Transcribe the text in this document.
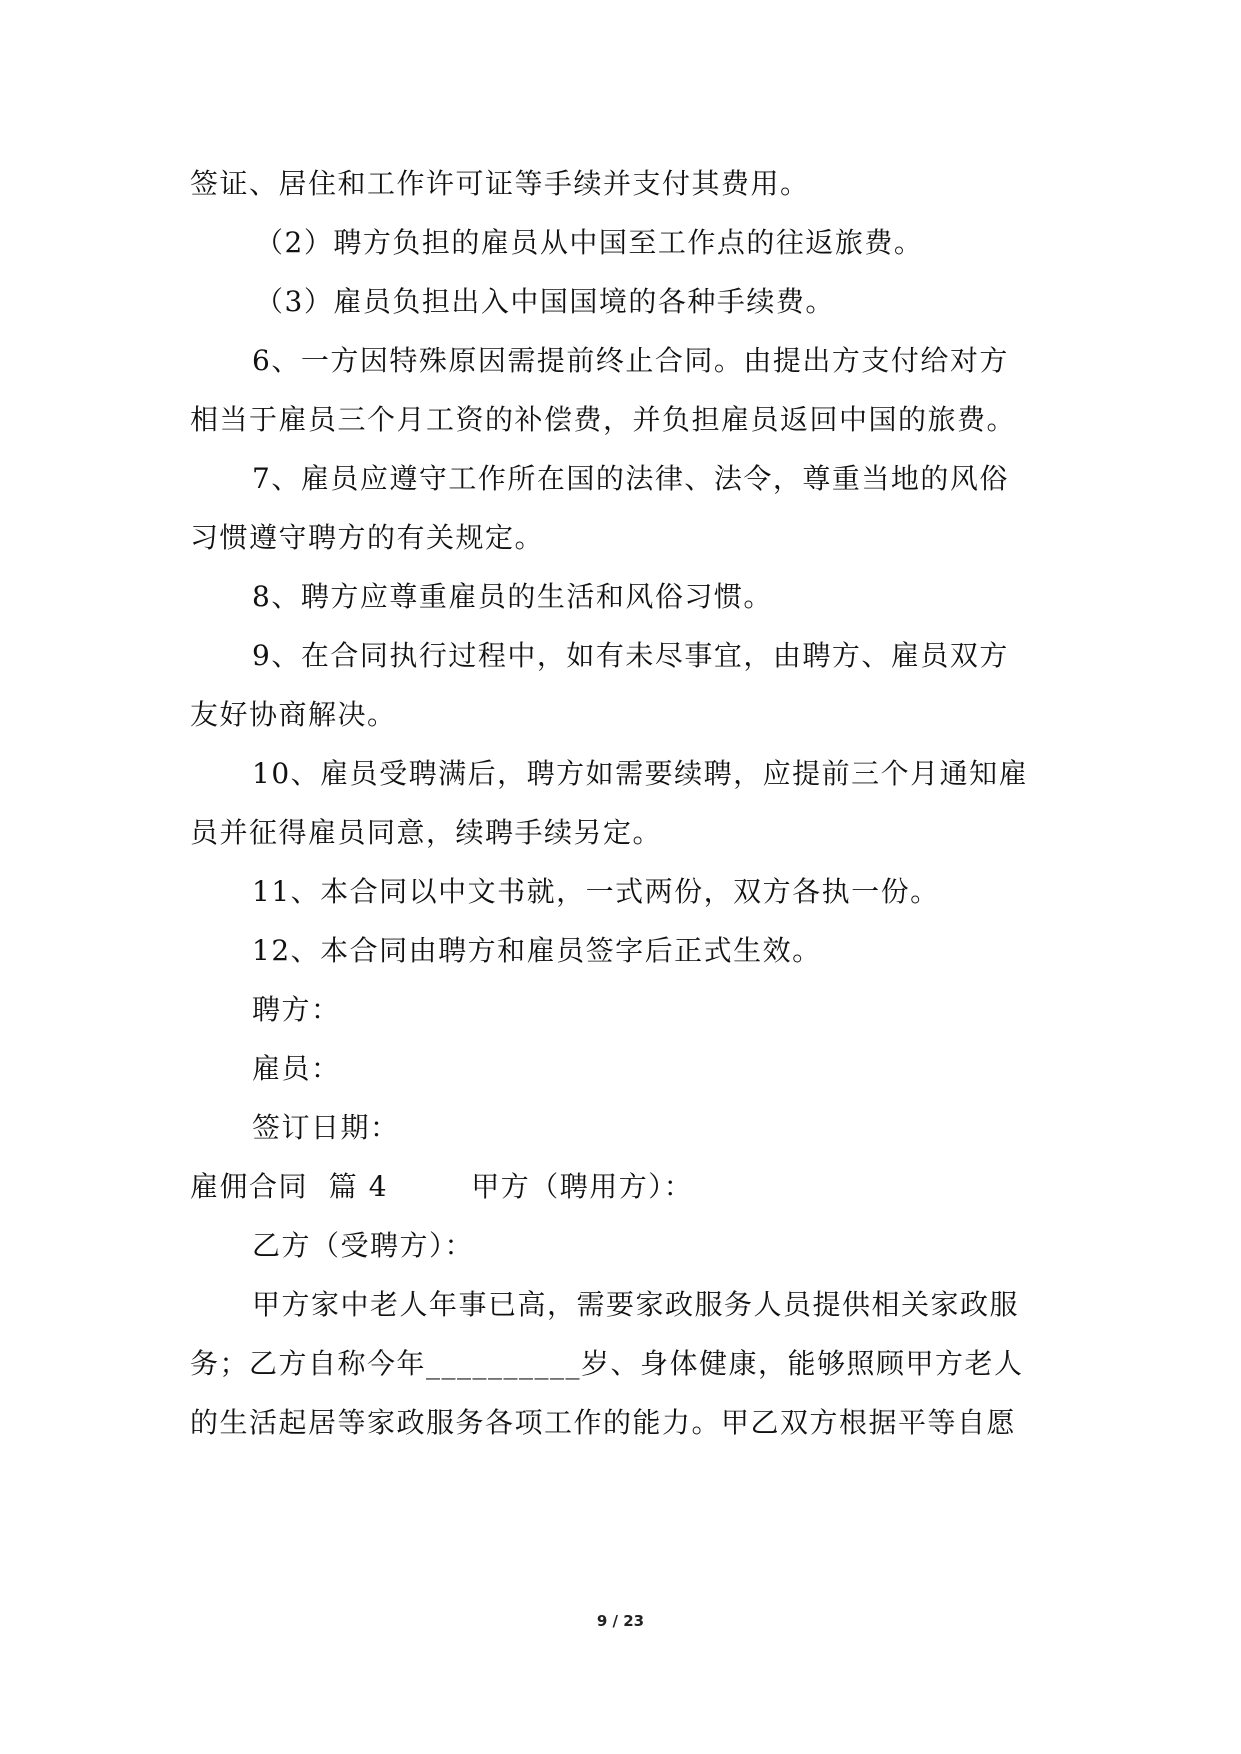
签证、居住和工作许可证等手续并支付其费用。
（2）聘方负担的雇员从中国至工作点的往返旅费。
（3）雇员负担出入中国国境的各种手续费。
6、一方因特殊原因需提前终止合同。由提出方支付给对方
相当于雇员三个月工资的补偿费，并负担雇员返回中国的旅费。
7、雇员应遵守工作所在国的法律、法令，尊重当地的风俗
习惯遵守聘方的有关规定。
8、聘方应尊重雇员的生活和风俗习惯。
9、在合同执行过程中，如有未尽事宜，由聘方、雇员双方
友好协商解决。
10、雇员受聘满后，聘方如需要续聘，应提前三个月通知雇
员并征得雇员同意，续聘手续另定。
11、本合同以中文书就，一式两份，双方各执一份。
12、本合同由聘方和雇员签字后正式生效。
聘方：
雇员：
签订日期：
雇佣合同  篇 4        甲方（聘用方）：
乙方（受聘方）：
甲方家中老人年事已高，需要家政服务人员提供相关家政服
务；乙方自称今年__________岁、身体健康，能够照顾甲方老人
的生活起居等家政服务各项工作的能力。甲乙双方根据平等自愿
9 / 23
